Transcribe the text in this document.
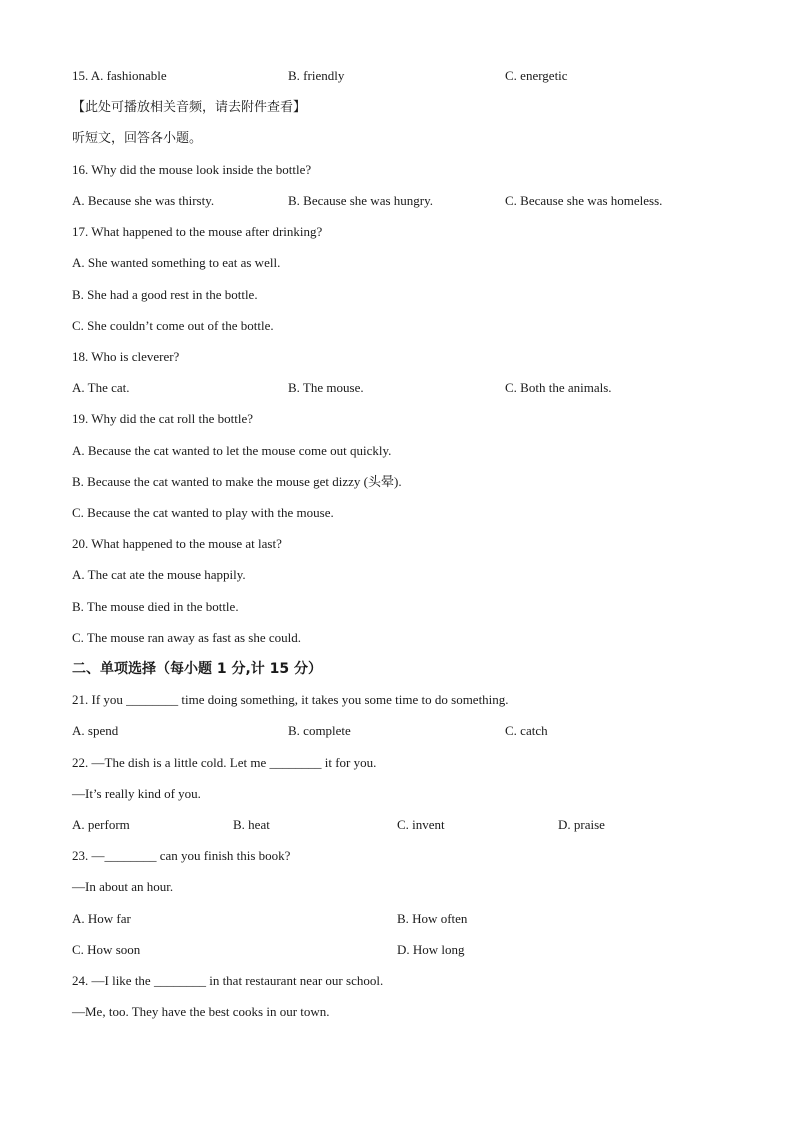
15. A. fashionable	B. friendly	C. energetic
【此处可播放相关音频，请去附件查看】
听短文，回答各小题。
16. Why did the mouse look inside the bottle?
A. Because she was thirsty.	B. Because she was hungry.	C. Because she was homeless.
17. What happened to the mouse after drinking?
A. She wanted something to eat as well.
B. She had a good rest in the bottle.
C. She couldn’t come out of the bottle.
18. Who is cleverer?
A. The cat.	B. The mouse.	C. Both the animals.
19. Why did the cat roll the bottle?
A. Because the cat wanted to let the mouse come out quickly.
B. Because the cat wanted to make the mouse get dizzy (头晕).
C. Because the cat wanted to play with the mouse.
20. What happened to the mouse at last?
A. The cat ate the mouse happily.
B. The mouse died in the bottle.
C. The mouse ran away as fast as she could.
二、单项选择（每小题 1 分,计 15 分）
21. If you ________ time doing something, it takes you some time to do something.
A. spend	B. complete	C. catch
22. —The dish is a little cold. Let me ________ it for you.
—It’s really kind of you.
A. perform	B. heat	C. invent	D. praise
23. —________ can you finish this book?
—In about an hour.
A. How far	B. How often
C. How soon	D. How long
24. —I like the ________ in that restaurant near our school.
—Me, too. They have the best cooks in our town.
